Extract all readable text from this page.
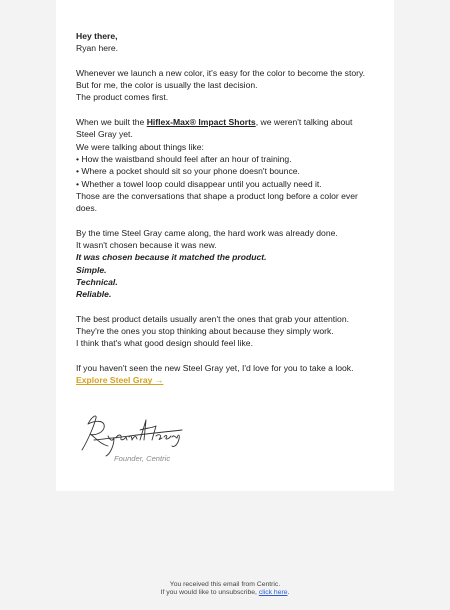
Hey there,

Ryan here.

Whenever we launch a new color, it's easy for the color to become the story.

But for me, the color is usually the last decision.

The product comes first.

When we built the Hiflex-Max® Impact Shorts, we weren't talking about Steel Gray yet.

We were talking about things like:

• How the waistband should feel after an hour of training.

• Where a pocket should sit so your phone doesn't bounce.

• Whether a towel loop could disappear until you actually need it.

Those are the conversations that shape a product long before a color ever does.

By the time Steel Gray came along, the hard work was already done.

It wasn't chosen because it was new.

It was chosen because it matched the product.

Simple.

Technical.

Reliable.

The best product details usually aren't the ones that grab your attention.

They're the ones you stop thinking about because they simply work.

I think that's what good design should feel like.

If you haven't seen the new Steel Gray yet, I'd love for you to take a look.

Explore Steel Gray →

Founder, Centric
You received this email from Centric.
If you would like to unsubscribe, click here.
